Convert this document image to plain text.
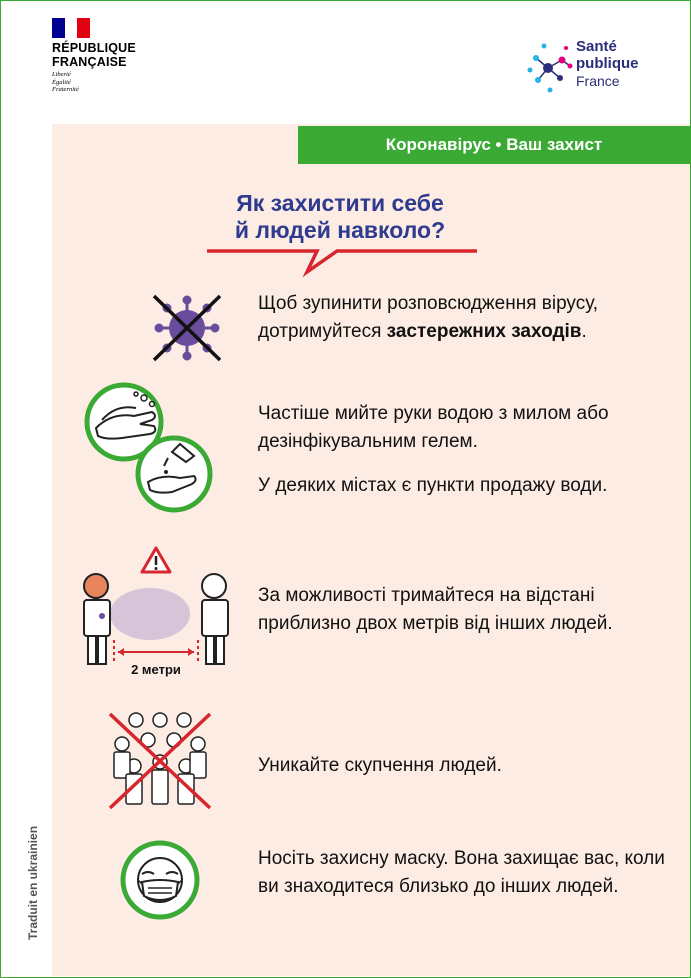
RÉPUBLIQUE
FRANÇAISE
Liberté
Égalité
Fraternité
Santé
publique
France
Коронавірус • Ваш захист
Як захистити себе
й людей навколо?
Щоб зупинити розповсюдження вірусу, дотримуйтеся застережних заходів.
Частіше мийте руки водою з милом або дезінфікувальним гелем.
У деяких містах є пункти продажу води.
2 метри
За можливості тримайтеся на відстані приблизно двох метрів від інших людей.
Уникайте скупчення людей.
Носіть захисну маску. Вона захищає вас, коли ви знаходитеся близько до інших людей.
Traduit en ukrainien
